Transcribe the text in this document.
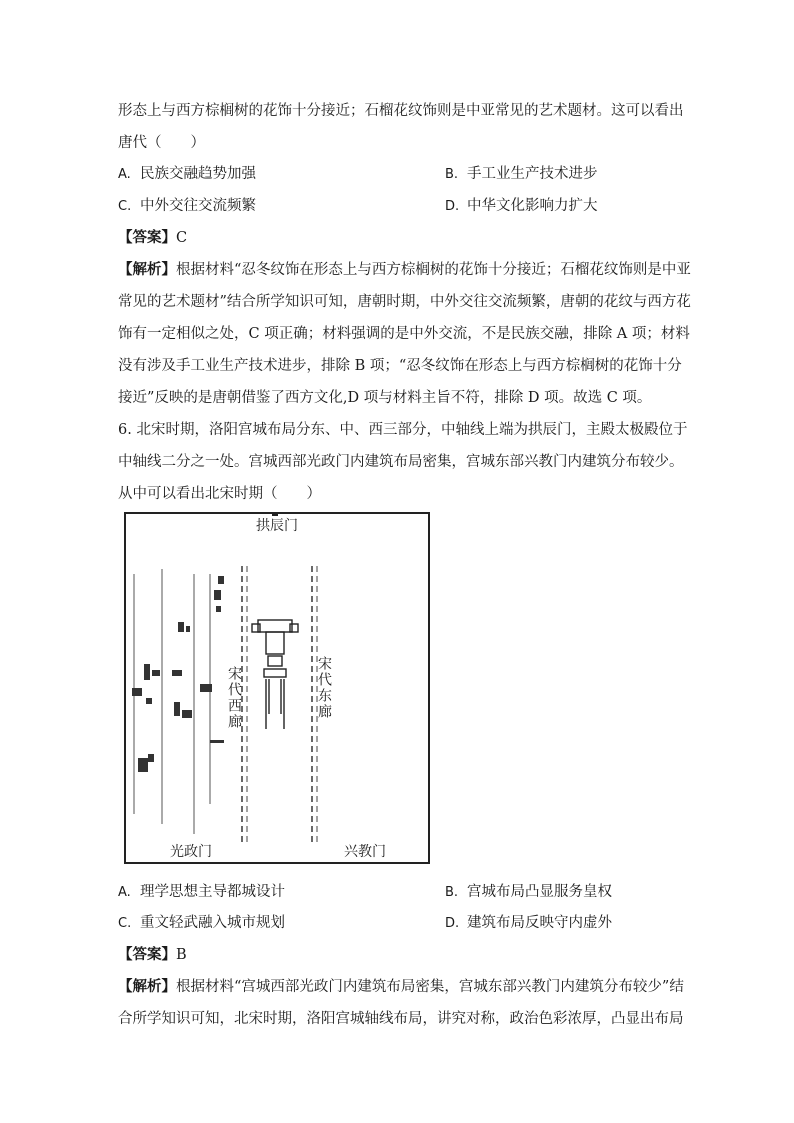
形态上与西方棕榈树的花饰十分接近；石榴花纹饰则是中亚常见的艺术题材。这可以看出
唐代（　　）
A. 民族交融趋势加强	B. 手工业生产技术进步
C. 中外交往交流频繁	D. 中华文化影响力扩大
【答案】C
【解析】根据材料“忍冬纹饰在形态上与西方棕榈树的花饰十分接近；石榴花纹饰则是中亚
常见的艺术题材”结合所学知识可知，唐朝时期，中外交往交流频繁，唐朝的花纹与西方花
饰有一定相似之处，C 项正确；材料强调的是中外交流，不是民族交融，排除 A 项；材料
没有涉及手工业生产技术进步，排除 B 项；“忍冬纹饰在形态上与西方棕榈树的花饰十分
接近”反映的是唐朝借鉴了西方文化,D 项与材料主旨不符，排除 D 项。故选 C 项。
6. 北宋时期，洛阳宫城布局分东、中、西三部分，中轴线上端为拱辰门，主殿太极殿位于
中轴线二分之一处。宫城西部光政门内建筑布局密集，宫城东部兴教门内建筑分布较少。
从中可以看出北宋时期（　　）
拱辰门
光政门	兴教门
宋代西廊	宋代东廊
A. 理学思想主导都城设计	B. 宫城布局凸显服务皇权
C. 重文轻武融入城市规划	D. 建筑布局反映守内虚外
【答案】B
【解析】根据材料“宫城西部光政门内建筑布局密集，宫城东部兴教门内建筑分布较少”结
合所学知识可知，北宋时期，洛阳宫城轴线布局，讲究对称，政治色彩浓厚，凸显出布局
